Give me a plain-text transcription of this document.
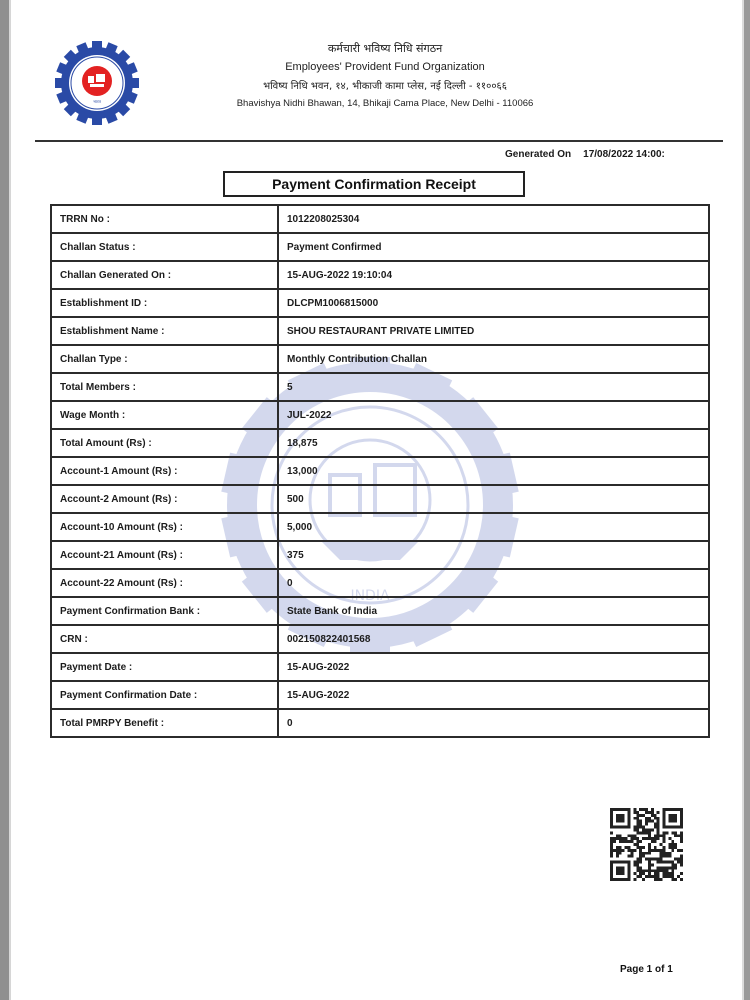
भारत
कर्मचारी भविष्य निधि संगठन
Employees' Provident Fund Organization
भविष्य निधि भवन, १४, भीकाजी कामा प्लेस, नई दिल्ली - ११००६६
Bhavishya Nidhi Bhawan, 14, Bhikaji Cama Place, New Delhi - 110066
Generated On 17/08/2022 14:00:
Payment Confirmation Receipt
INDIA
TRRN No :	1012208025304
Challan Status :	Payment Confirmed
Challan Generated On :	15-AUG-2022 19:10:04
Establishment ID :	DLCPM1006815000
Establishment Name :	SHOU RESTAURANT PRIVATE LIMITED
Challan Type :	Monthly Contribution Challan
Total Members :	5
Wage Month :	JUL-2022
Total Amount (Rs) :	18,875
Account-1 Amount (Rs) :	13,000
Account-2 Amount (Rs) :	500
Account-10 Amount (Rs) :	5,000
Account-21 Amount (Rs) :	375
Account-22 Amount (Rs) :	0
Payment Confirmation Bank :	State Bank of India
CRN :	002150822401568
Payment Date :	15-AUG-2022
Payment Confirmation Date :	15-AUG-2022
Total PMRPY Benefit :	0
Page 1 of 1
